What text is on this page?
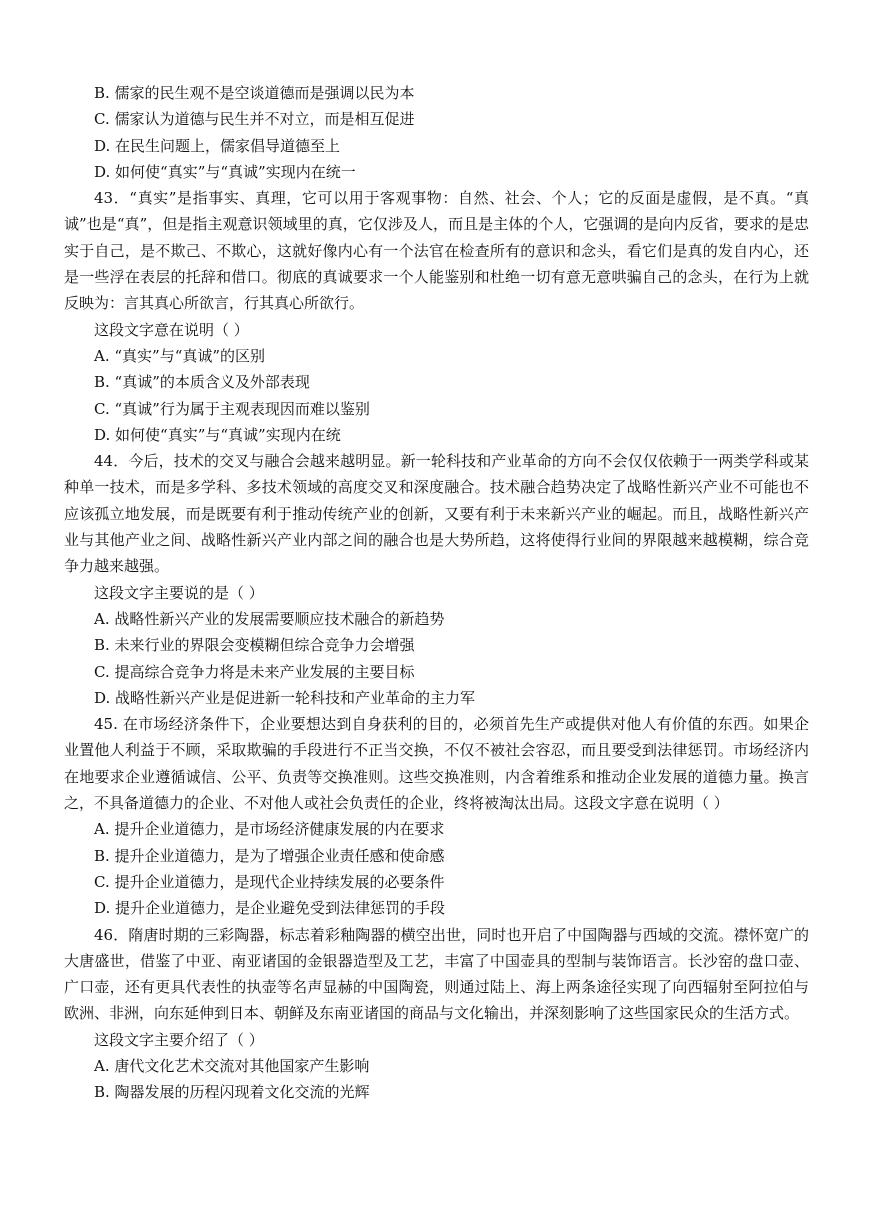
B. 儒家的民生观不是空谈道德而是强调以民为本

C. 儒家认为道德与民生并不对立，而是相互促进

D. 在民生问题上，儒家倡导道德至上

D. 如何使“真实”与“真诚”实现内在统一

43．“真实”是指事实、真理，它可以用于客观事物：自然、社会、个人；它的反面是虚假，是不真。“真诚”也是“真”，但是指主观意识领域里的真，它仅涉及人，而且是主体的个人，它强调的是向内反省，要求的是忠实于自己，是不欺己、不欺心，这就好像内心有一个法官在检查所有的意识和念头，看它们是真的发自内心，还是一些浮在表层的托辞和借口。彻底的真诚要求一个人能鉴别和杜绝一切有意无意哄骗自己的念头，在行为上就反映为：言其真心所欲言，行其真心所欲行。

这段文字意在说明（ ）

A. “真实”与“真诚”的区别

B. “真诚”的本质含义及外部表现

C. “真诚”行为属于主观表现因而难以鉴别

D. 如何使“真实”与“真诚”实现内在统

44．今后，技术的交叉与融合会越来越明显。新一轮科技和产业革命的方向不会仅仅依赖于一两类学科或某种单一技术，而是多学科、多技术领域的高度交叉和深度融合。技术融合趋势决定了战略性新兴产业不可能也不应该孤立地发展，而是既要有利于推动传统产业的创新，又要有利于未来新兴产业的崛起。而且，战略性新兴产业与其他产业之间、战略性新兴产业内部之间的融合也是大势所趋，这将使得行业间的界限越来越模糊，综合竞争力越来越强。

这段文字主要说的是（ ）

A. 战略性新兴产业的发展需要顺应技术融合的新趋势

B. 未来行业的界限会变模糊但综合竞争力会增强

C. 提高综合竞争力将是未来产业发展的主要目标

D. 战略性新兴产业是促进新一轮科技和产业革命的主力军

45. 在市场经济条件下，企业要想达到自身获利的目的，必须首先生产或提供对他人有价值的东西。如果企业置他人利益于不顾，采取欺骗的手段进行不正当交换，不仅不被社会容忍，而且要受到法律惩罚。市场经济内在地要求企业遵循诚信、公平、负责等交换准则。这些交换准则，内含着维系和推动企业发展的道德力量。换言之，不具备道德力的企业、不对他人或社会负责任的企业，终将被淘汰出局。这段文字意在说明（ ）

A. 提升企业道德力，是市场经济健康发展的内在要求

B. 提升企业道德力，是为了增强企业责任感和使命感

C. 提升企业道德力，是现代企业持续发展的必要条件

D. 提升企业道德力，是企业避免受到法律惩罚的手段

46．隋唐时期的三彩陶器，标志着彩釉陶器的横空出世，同时也开启了中国陶器与西域的交流。襟怀宽广的大唐盛世，借鉴了中亚、南亚诸国的金银器造型及工艺，丰富了中国壶具的型制与装饰语言。长沙窑的盘口壶、广口壶，还有更具代表性的执壶等名声显赫的中国陶瓷，则通过陆上、海上两条途径实现了向西辐射至阿拉伯与欧洲、非洲，向东延伸到日本、朝鲜及东南亚诸国的商品与文化输出，并深刻影响了这些国家民众的生活方式。

这段文字主要介绍了（ ）

A. 唐代文化艺术交流对其他国家产生影响

B. 陶器发展的历程闪现着文化交流的光辉
